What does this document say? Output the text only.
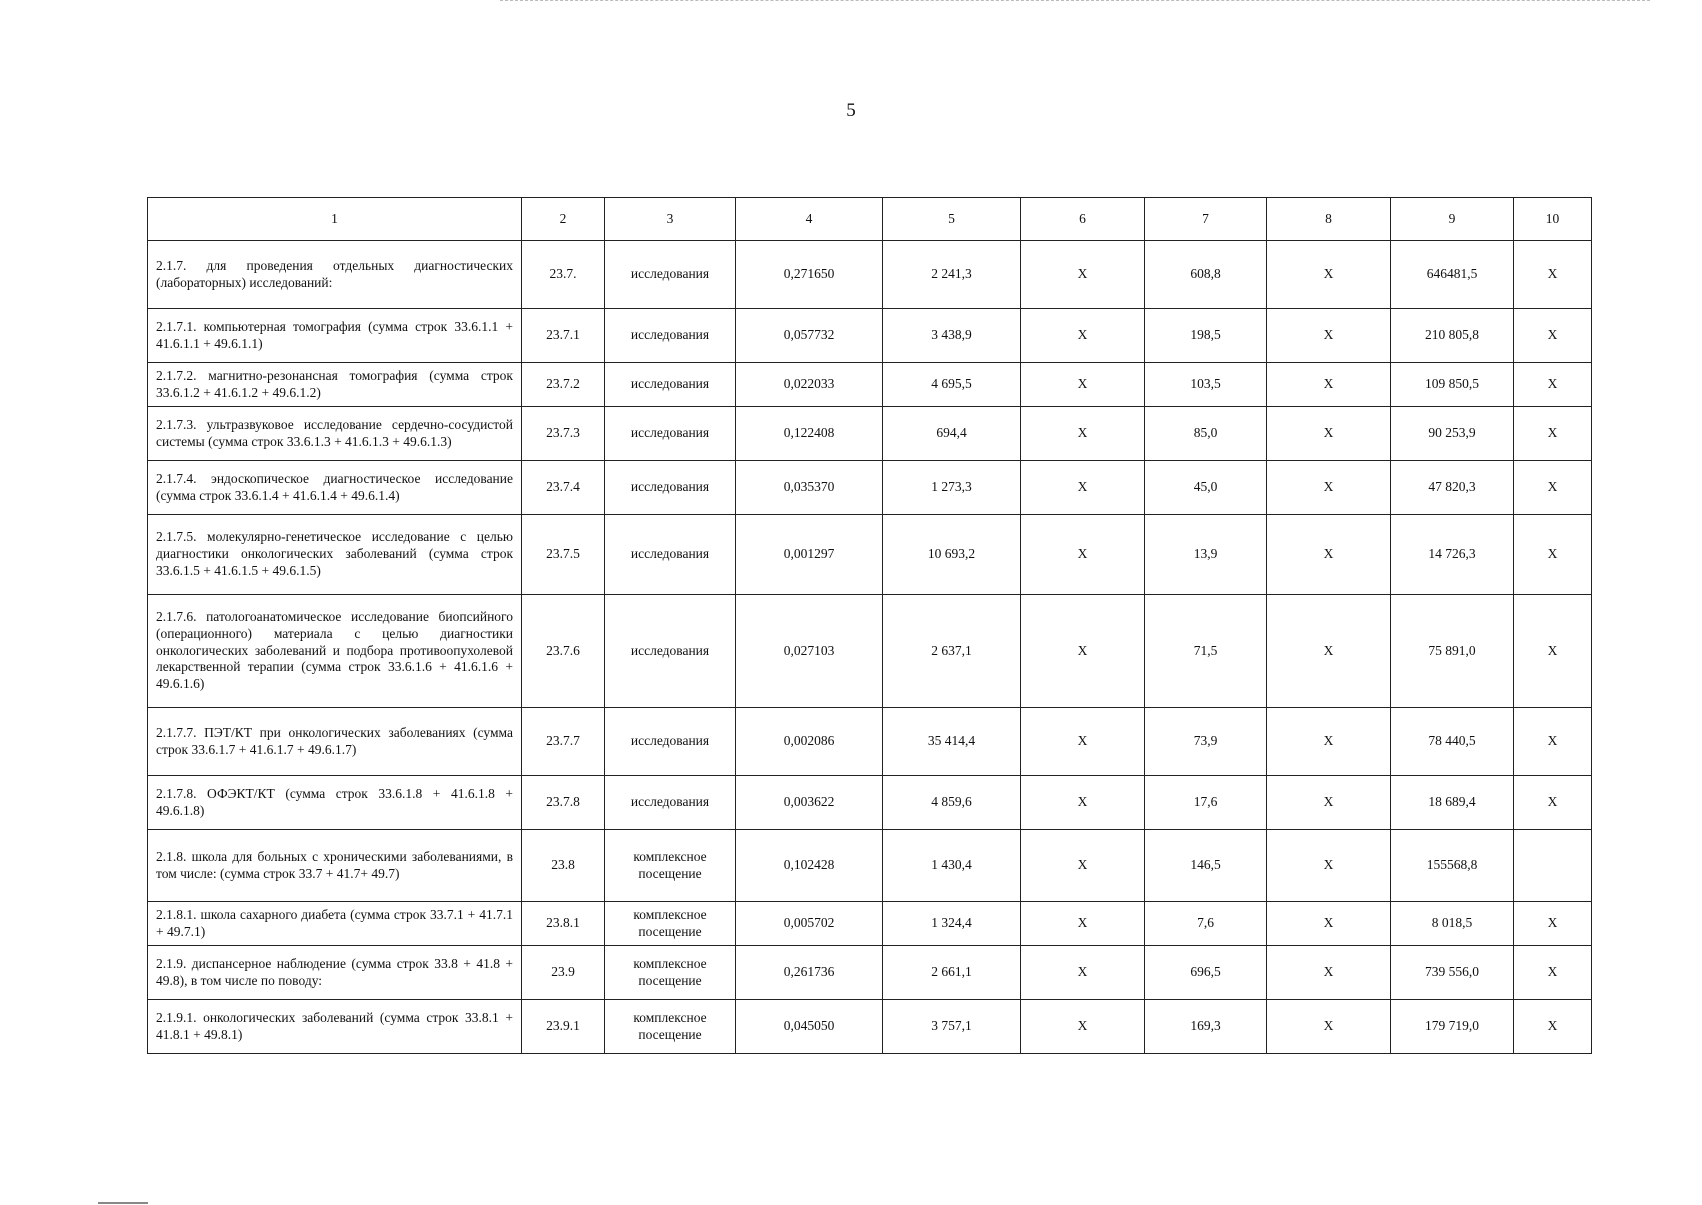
5
1	2	3	4	5	6	7	8	9	10
2.1.7. для проведения отдельных диагностических (лабораторных) исследований:	23.7.	исследования	0,271650	2 241,3	X	608,8	X	646481,5	X
2.1.7.1. компьютерная томография (сумма строк 33.6.1.1 + 41.6.1.1 + 49.6.1.1)	23.7.1	исследования	0,057732	3 438,9	X	198,5	X	210 805,8	X
2.1.7.2. магнитно-резонансная томография (сумма строк 33.6.1.2 + 41.6.1.2 + 49.6.1.2)	23.7.2	исследования	0,022033	4 695,5	X	103,5	X	109 850,5	X
2.1.7.3. ультразвуковое исследование сердечно-сосудистой системы (сумма строк 33.6.1.3 + 41.6.1.3 + 49.6.1.3)	23.7.3	исследования	0,122408	694,4	X	85,0	X	90 253,9	X
2.1.7.4. эндоскопическое диагностическое исследование (сумма строк 33.6.1.4 + 41.6.1.4 + 49.6.1.4)	23.7.4	исследования	0,035370	1 273,3	X	45,0	X	47 820,3	X
2.1.7.5. молекулярно-генетическое исследование с целью диагностики онкологических заболеваний (сумма строк 33.6.1.5 + 41.6.1.5 + 49.6.1.5)	23.7.5	исследования	0,001297	10 693,2	X	13,9	X	14 726,3	X
2.1.7.6. патологоанатомическое исследование биопсийного (операционного) материала с целью диагностики онкологических заболеваний и подбора противоопухолевой лекарственной терапии (сумма строк 33.6.1.6 + 41.6.1.6 + 49.6.1.6)	23.7.6	исследования	0,027103	2 637,1	X	71,5	X	75 891,0	X
2.1.7.7. ПЭТ/КТ при онкологических заболеваниях (сумма строк 33.6.1.7 + 41.6.1.7 + 49.6.1.7)	23.7.7	исследования	0,002086	35 414,4	X	73,9	X	78 440,5	X
2.1.7.8. ОФЭКТ/КТ (сумма строк 33.6.1.8 + 41.6.1.8 + 49.6.1.8)	23.7.8	исследования	0,003622	4 859,6	X	17,6	X	18 689,4	X
2.1.8. школа для больных с хроническими заболеваниями, в том числе: (сумма строк 33.7 + 41.7+ 49.7)	23.8	комплексное посещение	0,102428	1 430,4	X	146,5	X	155568,8	
2.1.8.1. школа сахарного диабета (сумма строк 33.7.1 + 41.7.1 + 49.7.1)	23.8.1	комплексное посещение	0,005702	1 324,4	X	7,6	X	8 018,5	X
2.1.9. диспансерное наблюдение (сумма строк 33.8 + 41.8 + 49.8), в том числе по поводу:	23.9	комплексное посещение	0,261736	2 661,1	X	696,5	X	739 556,0	X
2.1.9.1. онкологических заболеваний (сумма строк 33.8.1 + 41.8.1 + 49.8.1)	23.9.1	комплексное посещение	0,045050	3 757,1	X	169,3	X	179 719,0	X
